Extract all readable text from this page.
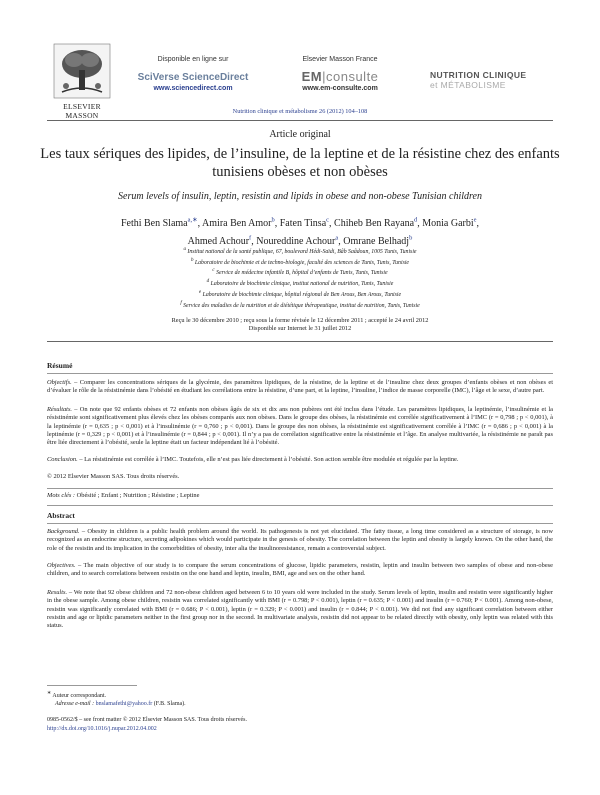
ELSEVIER
MASSON
Disponible en ligne sur
SciVerse ScienceDirect
www.sciencedirect.com
Elsevier Masson France
EM|consulte
www.em-consulte.com
NUTRITION CLINIQUE
et MÉTABOLISME
Nutrition clinique et métabolisme 26 (2012) 104–108
Article original
Les taux sériques des lipides, de l’insuline, de la leptine et de la résistine chez des enfants tunisiens obèses et non obèses
Serum levels of insulin, leptin, resistin and lipids in obese and non-obese Tunisian children
Fethi Ben Slama$^{a,∗}$, Amira Ben Amor$^b$, Faten Tinsa$^c$, Chiheb Ben Rayana$^d$, Monia Garbi$^e$,
Ahmed Achour$^f$, Noureddine Achour$^a$, Omrane Belhadj$^b$
$^a$ Institut national de la santé publique, 67, boulevard Hédi-Saïdi, Bâb Saâdoun, 1005 Tunis, Tunisie
$^b$ Laboratoire de biochimie et de techno-biologie, faculté des sciences de Tunis, Tunis, Tunisie
$^c$ Service de médecine infantile B, hôpital d’enfants de Tunis, Tunis, Tunisie
$^d$ Laboratoire de biochimie clinique, institut national de nutrition, Tunis, Tunisie
$^e$ Laboratoire de biochimie clinique, hôpital régional de Ben Arous, Ben Arous, Tunisie
$^f$ Service des maladies de la nutrition et de diététique thérapeutique, institut de nutrition, Tunis, Tunisie
Reçu le 30 décembre 2010 ; reçu sous la forme révisée le 12 décembre 2011 ; accepté le 24 avril 2012
Disponible sur Internet le 31 juillet 2012
Résumé
Objectifs. – Comparer les concentrations sériques de la glycémie, des paramètres lipidiques, de la résistine, de la leptine et de l’insuline chez deux groupes d’enfants obèses et non obèses et d’évaluer le rôle de la résistinémie dans l’obésité en étudiant les corrélations entre la résistine, d’une part, et la leptine, l’insuline, l’indice de masse corporelle (IMC), l’âge et le sexe, d’autre part.
Résultats. – On note que 92 enfants obèses et 72 enfants non obèses âgés de six et dix ans non pubères ont été inclus dans l’étude. Les paramètres lipidiques, la leptinémie, l’insulinémie et la résistinémie sont significativement plus élevés chez les obèses comparés aux non obèses. Dans le groupe des obèses, la résistinémie est corrélée significativement à l’IMC (r = 0,798 ; p < 0,001), à la leptinémie (r = 0,635 ; p < 0,001) et à l’insulinémie (r = 0,760 ; p < 0,001). Dans le groupe des non obèses, la résistinémie est significativement corrélée à l’IMC (r = 0,686 ; p < 0,001) à la leptinémie (r = 0,329 ; p < 0,001) et à l’insulinémie (r = 0,844 ; p < 0,001). Il n’y a pas de corrélation significative entre la résistinémie et l’âge. En analyse multivariée, la résistinémie ne paraît pas être liée directement à l’obésité, seule la leptine était un facteur indépendant lié à l’obésité.
Conclusion. – La résistinémie est corrélée à l’IMC. Toutefois, elle n’est pas liée directement à l’obésité. Son action semble être modulée et régulée par la leptine.
© 2012 Elsevier Masson SAS. Tous droits réservés.
Mots clés : Obésité ; Enfant ; Nutrition ; Résistine ; Leptine
Abstract
Background. – Obesity in children is a public health problem around the world. Its pathogenesis is not yet elucidated. The fatty tissue, a long time considered as a structure of storage, is now recognized as an endocrine structure, secreting adipokines which would participate in the genesis of obesity. The correlation between the leptin and obesity is largely known. On the other hand, the role of the resistin and its implication in the comorbidities of obesity, inter alia the insulinoresistance, remain a controversial subject.
Objectives. – The main objective of our study is to compare the serum concentrations of glucose, lipidic parameters, resistin, leptin and insulin between two samples of obese and non-obese children, and to search correlations between resistin on the one hand and leptin, insulin, BMI, age and sex on the other hand.
Results. – We note that 92 obese children and 72 non-obese children aged between 6 to 10 years old were included in the study. Serum levels of leptin, insulin and resistin were significantly higher in the obese sample. Among obese children, resistin was correlated significantly with BMI (r = 0.798; P < 0.001), leptin (r = 0.635; P < 0.001) and insulin (r = 0.760; P < 0.001). Among non-obese, resistin was significantly correlated with BMI (r = 0.686; P < 0.001), leptin (r = 0.329; P < 0.001) and insulin (r = 0.844; P < 0.001). We did not find any significant correlation between either resistin and age or lipidic parameters neither in the first group nor in the second. In multivariate analysis, resistin did not appear to be related directly with obesity, only leptin was related with this status.
∗ Auteur correspondant.
Adresse e-mail : bnslamafethi@yahoo.fr (F.B. Slama).
0985-0562/$ – see front matter © 2012 Elsevier Masson SAS. Tous droits réservés.
http://dx.doi.org/10.1016/j.nupar.2012.04.002
